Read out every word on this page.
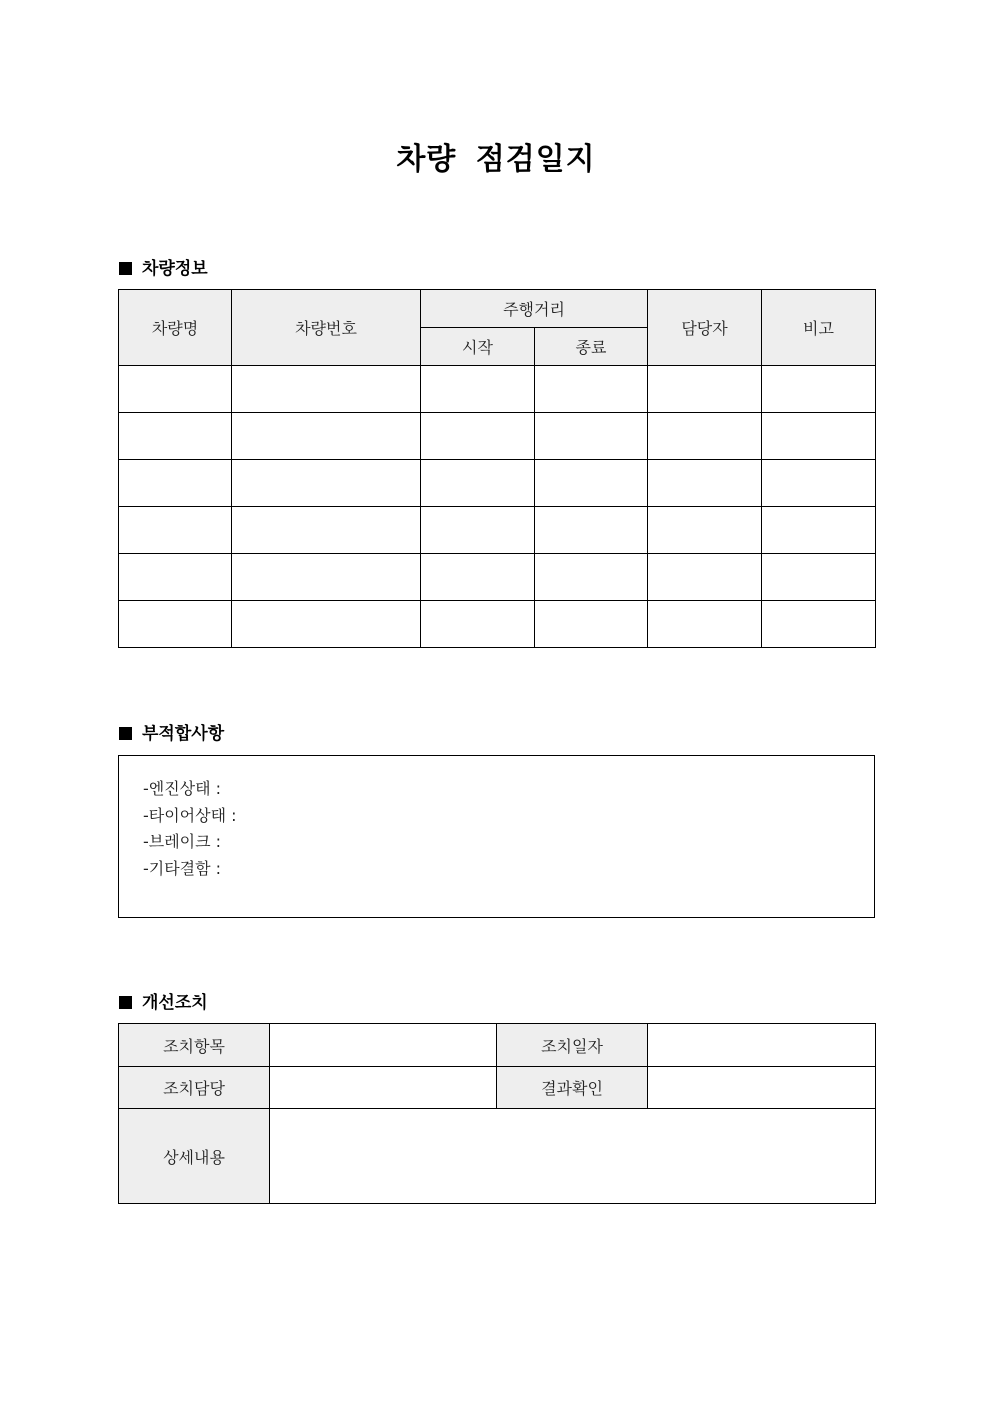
차량 점검일지
차량정보
차량명	차량번호	주행거리		담당자	비고
		시작	종료		

부적합사항
-엔진상태 :
-타이어상태 :
-브레이크 :
-기타결함 :
개선조치
조치항목		조치일자	
조치담당		결과확인	
상세내용			
